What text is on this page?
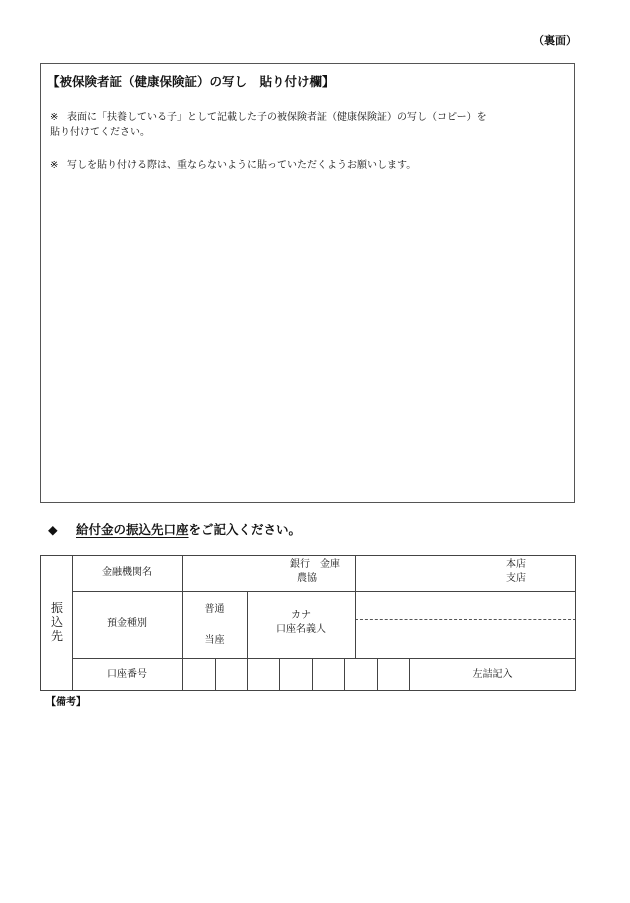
（裏面）
【被保険者証（健康保険証）の写し　貼り付け欄】
※ 表面に「扶養している子」として記載した子の被保険者証（健康保険証）の写し（コピー）を
貼り付けてください。
※ 写しを貼り付ける際は、重ならないように貼っていただくようお願いします。
◆ 給付金の振込先口座をご記入ください。
振
込
先
金融機関名
銀行　金庫
農協
本店
支店
預金種別
普通
当座
カナ
口座名義人
口座番号	左詰記入
【備考】
